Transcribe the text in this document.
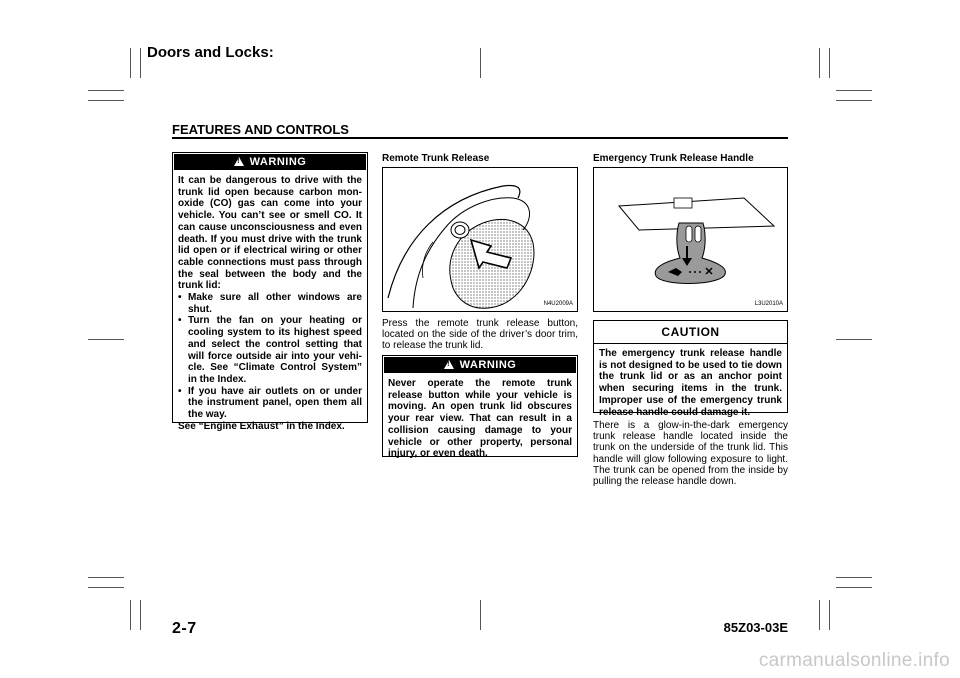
Doors and Locks:
FEATURES AND CONTROLS
!WARNING
It can be dangerous to drive with the trunk lid open because carbon mon-oxide (CO) gas can come into your vehicle. You can’t see or smell CO. It can cause unconsciousness and even death. If you must drive with the trunk lid open or if electrical wiring or other cable connections must pass through the seal between the body and the trunk lid:
• Make sure all other windows are shut.
• Turn the fan on your heating or cooling system to its highest speed and select the control setting that will force outside air into your vehi-cle. See “Climate Control System” in the Index.
• If you have air outlets on or under the instrument panel, open them all the way.
See “Engine Exhaust” in the Index.
Remote Trunk Release
N4U2009A
Press the remote trunk release button, located on the side of the driver’s door trim, to release the trunk lid.
!WARNING
Never operate the remote trunk release button while your vehicle is moving. An open trunk lid obscures your rear view. That can result in a collision causing damage to your vehicle or other property, personal injury, or even death.
Emergency Trunk Release Handle
L3U2010A
CAUTION
The emergency trunk release handle is not designed to be used to tie down the trunk lid or as an anchor point when securing items in the trunk. Improper use of the emergency trunk release handle could damage it.
There is a glow-in-the-dark emergency trunk release handle located inside the trunk on the underside of the trunk lid. This handle will glow following exposure to light. The trunk can be opened from the inside by pulling the release handle down.
2-7	85Z03-03E
carmanualsonline.info
